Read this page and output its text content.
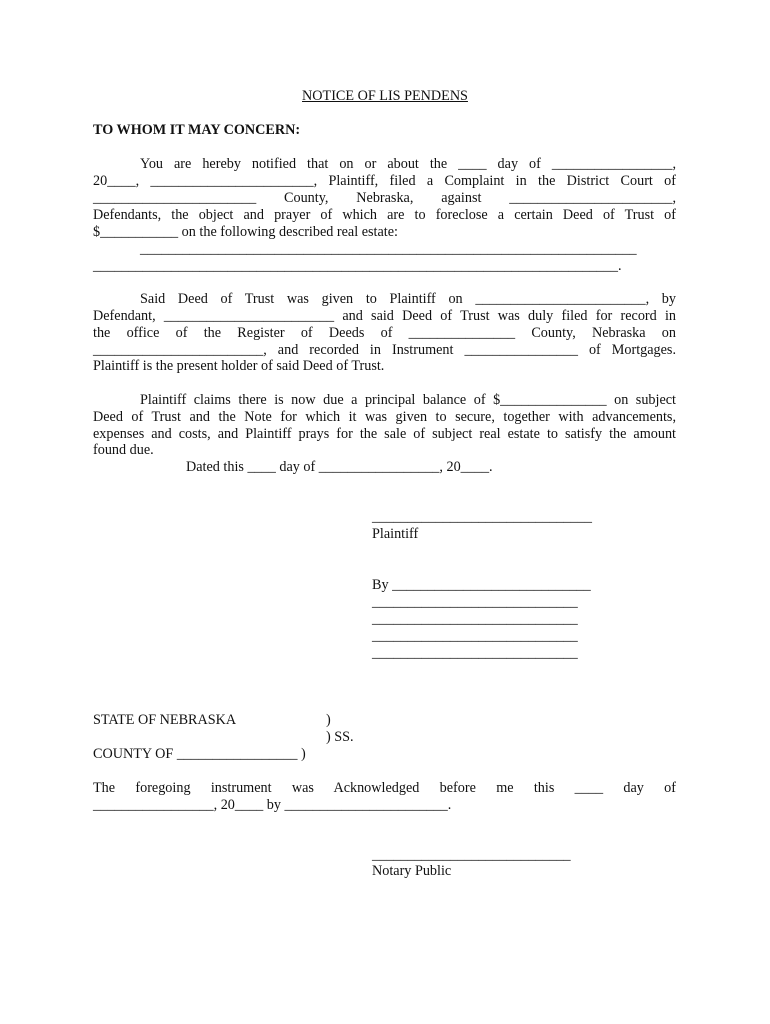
NOTICE OF LIS PENDENS
TO WHOM IT MAY CONCERN:
You are hereby notified that on or about the ____ day of _________________,
20____, _______________________, Plaintiff, filed a Complaint in the District Court of
_______________________ County, Nebraska, against _______________________,
Defendants, the object and prayer of which are to foreclose a certain Deed of Trust of
$___________ on the following described real estate:
______________________________________________________________________
__________________________________________________________________________.
Said Deed of Trust was given to Plaintiff on ________________________, by
Defendant, ________________________ and said Deed of Trust was duly filed for record in
the office of the Register of Deeds of _______________ County, Nebraska on
________________________, and recorded in Instrument ________________ of Mortgages.
Plaintiff is the present holder of said Deed of Trust.
Plaintiff claims there is now due a principal balance of $_______________ on subject
Deed of Trust and the Note for which it was given to secure, together with advancements,
expenses and costs, and Plaintiff prays for the sale of subject real estate to satisfy the amount
found due.
Dated this ____ day of _________________, 20____.
_______________________________
Plaintiff
By ____________________________
_____________________________
_____________________________
_____________________________
_____________________________
STATE OF NEBRASKA	)
) SS.
COUNTY OF _________________ )
The foregoing instrument was Acknowledged before me this ____ day of
_________________, 20____ by _______________________.
____________________________
Notary Public
